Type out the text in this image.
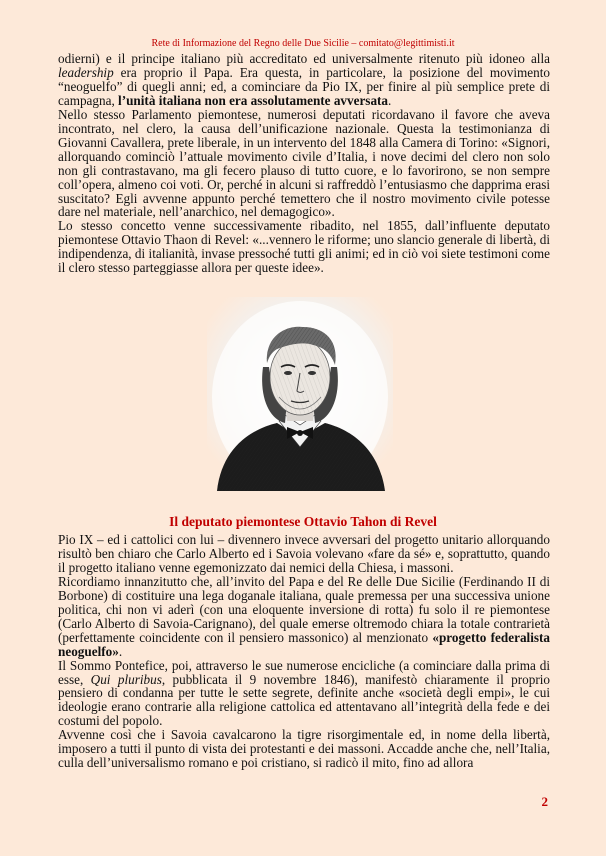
Rete di Informazione del Regno delle Due Sicilie – comitato@legittimisti.it

odierni) e il principe italiano più accreditato ed universalmente ritenuto più idoneo alla leadership era proprio il Papa. Era questa, in particolare, la posizione del movimento “neoguelfo” di quegli anni; ed, a cominciare da Pio IX, per finire al più semplice prete di campagna, l’unità italiana non era assolutamente avversata.

Nello stesso Parlamento piemontese, numerosi deputati ricordavano il favore che aveva incontrato, nel clero, la causa dell’unificazione nazionale. Questa la testimonianza di Giovanni Cavallera, prete liberale, in un intervento del 1848 alla Camera di Torino: «Signori, allorquando cominciò l’attuale movimento civile d’Italia, i nove decimi del clero non solo non gli contrastavano, ma gli fecero plauso di tutto cuore, e lo favorirono, se non sempre coll’opera, almeno coi voti. Or, perché in alcuni si raffreddò l’entusiasmo che dapprima erasi suscitato? Egli avvenne appunto perché temettero che il nostro movimento civile potesse dare nel materiale, nell’anarchico, nel demagogico».

Lo stesso concetto venne successivamente ribadito, nel 1855, dall’influente deputato piemontese Ottavio Thaon di Revel: «...vennero le riforme; uno slancio generale di libertà, di indipendenza, di italianità, invase pressoché tutti gli animi; ed in ciò voi siete testimoni come il clero stesso parteggiasse allora per queste idee».

Il deputato piemontese Ottavio Tahon di Revel

Pio IX – ed i cattolici con lui – divennero invece avversari del progetto unitario allorquando risultò ben chiaro che Carlo Alberto ed i Savoia volevano «fare da sé» e, soprattutto, quando il progetto italiano venne egemonizzato dai nemici della Chiesa, i massoni.

Ricordiamo innanzitutto che, all’invito del Papa e del Re delle Due Sicilie (Ferdinando II di Borbone) di costituire una lega doganale italiana, quale premessa per una successiva unione politica, chi non vi aderì (con una eloquente inversione di rotta) fu solo il re piemontese (Carlo Alberto di Savoia-Carignano), del quale emerse oltremodo chiara la totale contrarietà (perfettamente coincidente con il pensiero massonico) al menzionato «progetto federalista neoguelfo».

Il Sommo Pontefice, poi, attraverso le sue numerose encicliche (a cominciare dalla prima di esse, Qui pluribus, pubblicata il 9 novembre 1846), manifestò chiaramente il proprio pensiero di condanna per tutte le sette segrete, definite anche «società degli empi», le cui ideologie erano contrarie alla religione cattolica ed attentavano all’integrità della fede e dei costumi del popolo.

Avvenne così che i Savoia cavalcarono la tigre risorgimentale ed, in nome della libertà, imposero a tutti il punto di vista dei protestanti e dei massoni. Accadde anche che, nell’Italia, culla dell’universalismo romano e poi cristiano, si radicò il mito, fino ad allora

2
